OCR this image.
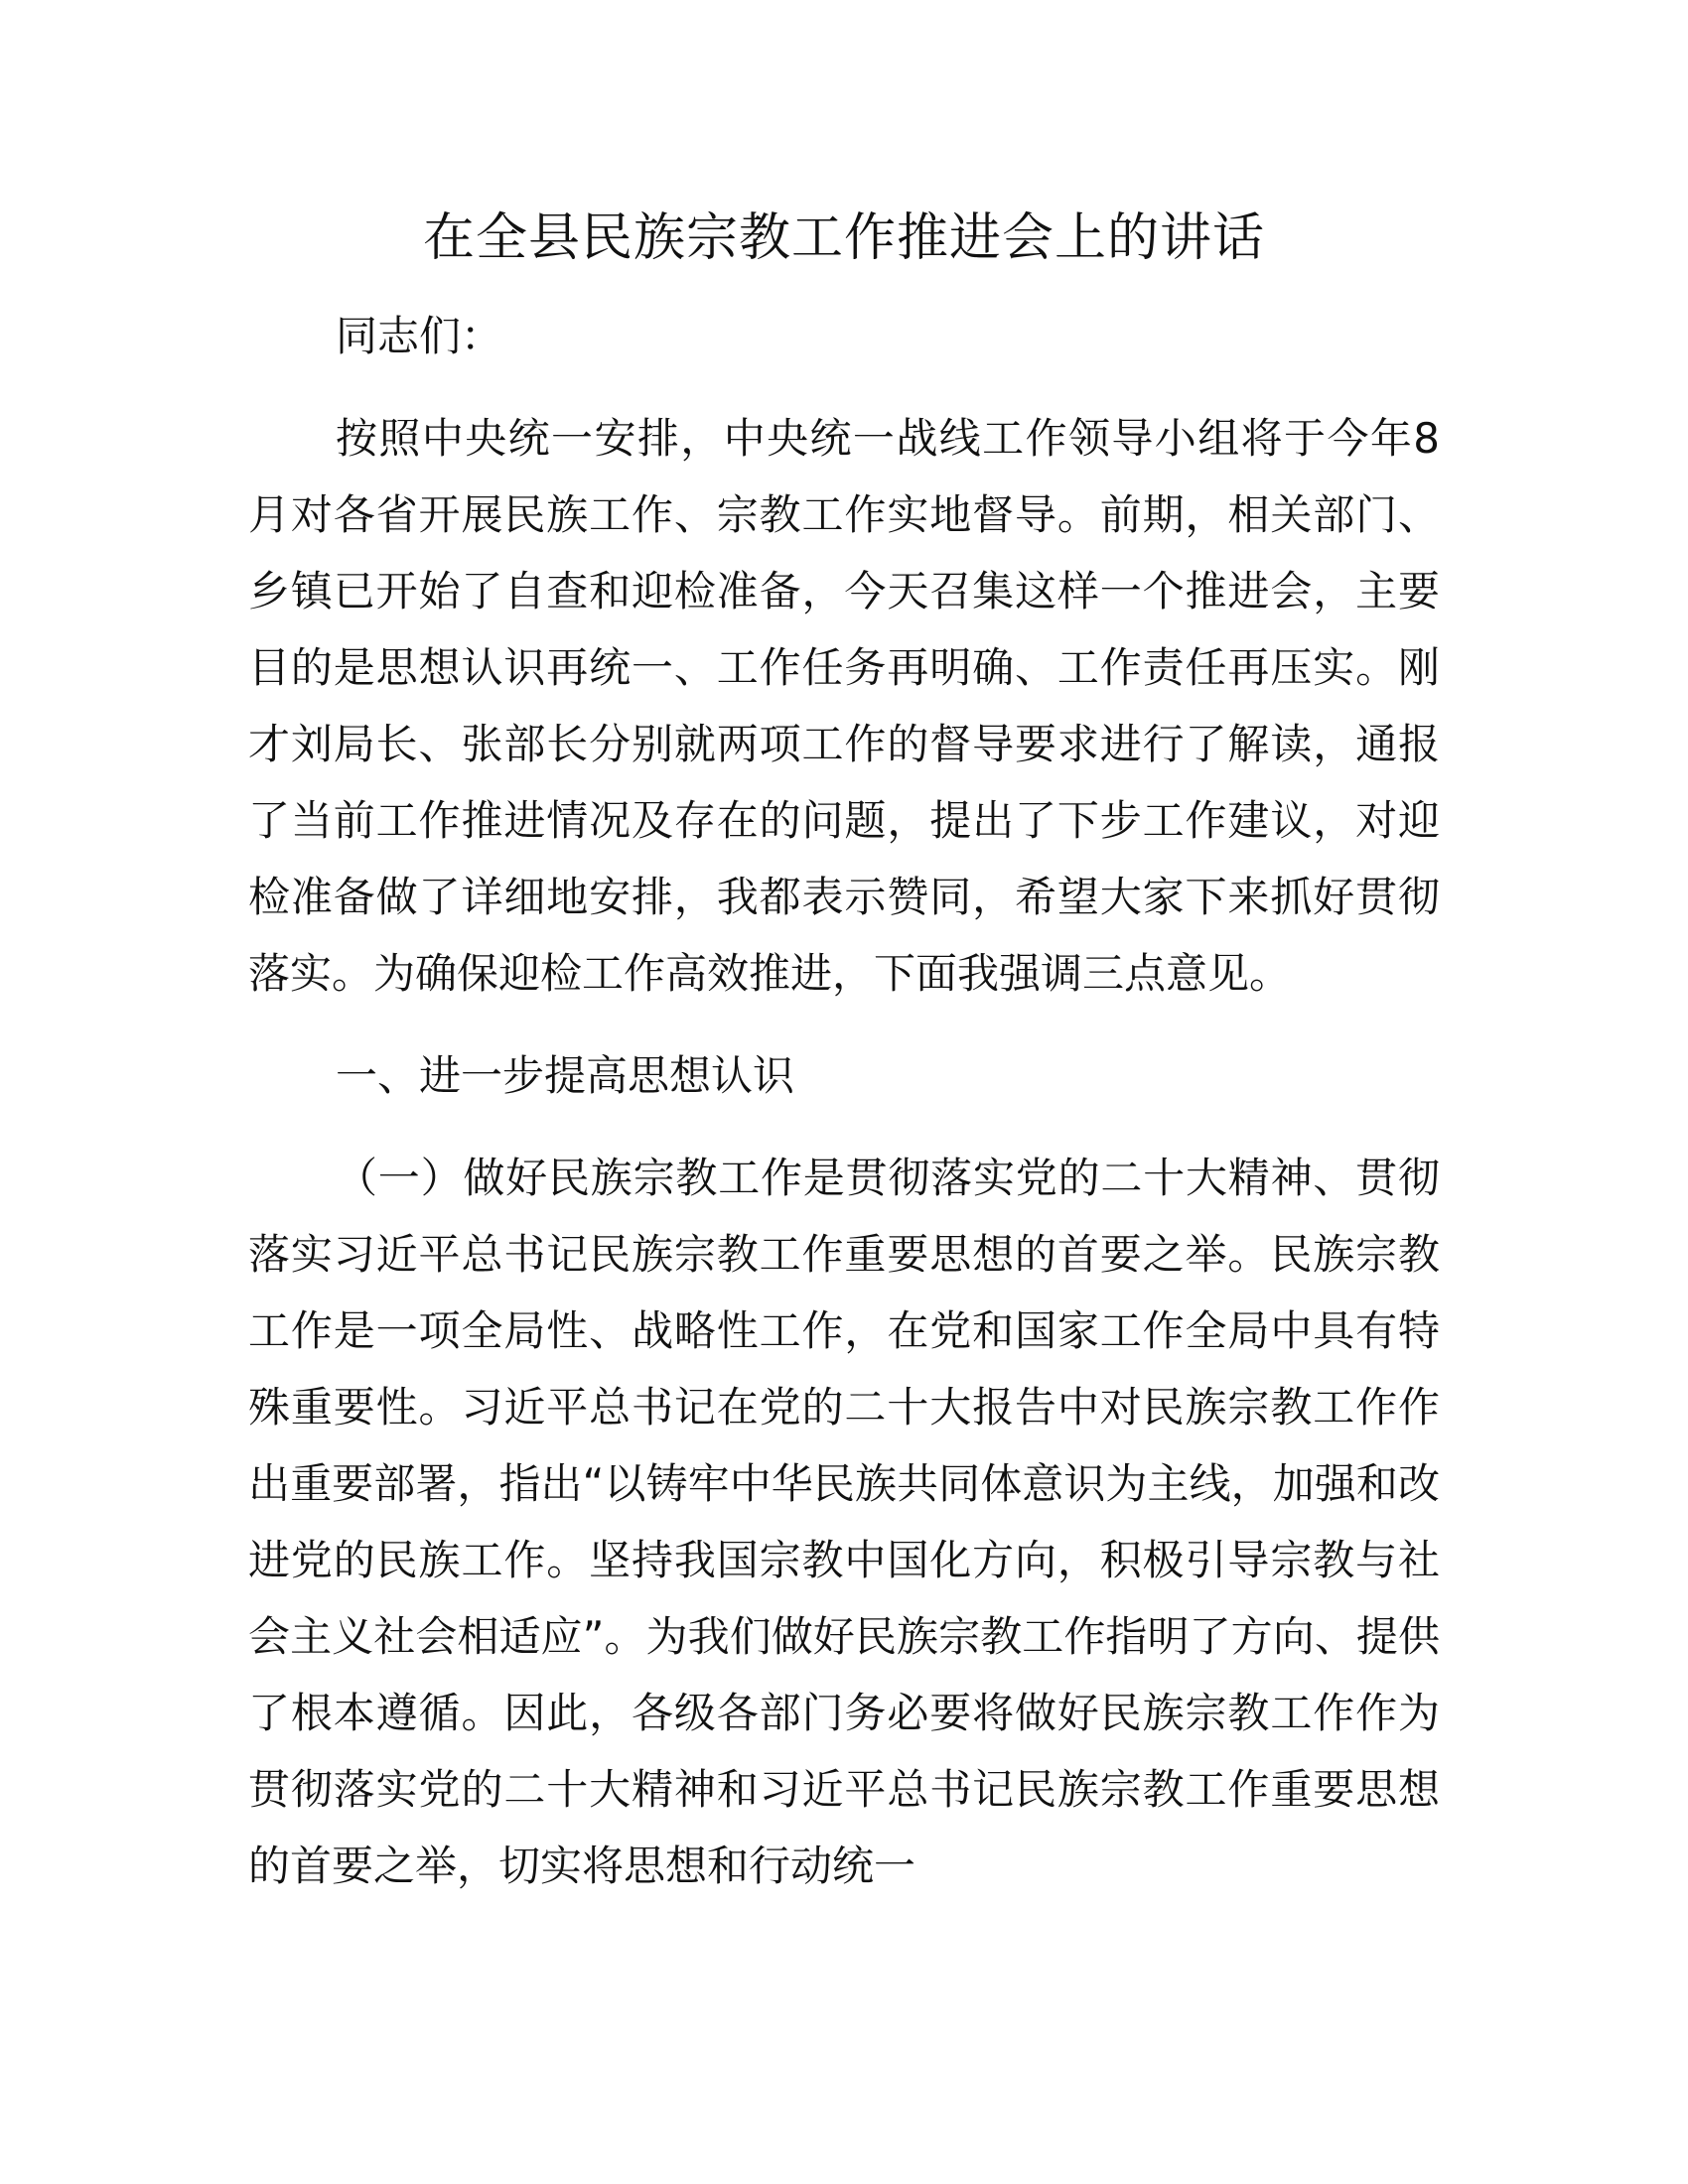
在全县民族宗教工作推进会上的讲话

同志们：

按照中央统一安排，中央统一战线工作领导小组将于今年8月对各省开展民族工作、宗教工作实地督导。前期，相关部门、乡镇已开始了自查和迎检准备，今天召集这样一个推进会，主要目的是思想认识再统一、工作任务再明确、工作责任再压实。刚才刘局长、张部长分别就两项工作的督导要求进行了解读，通报了当前工作推进情况及存在的问题，提出了下步工作建议，对迎检准备做了详细地安排，我都表示赞同，希望大家下来抓好贯彻落实。为确保迎检工作高效推进，下面我强调三点意见。

一、进一步提高思想认识

（一）做好民族宗教工作是贯彻落实党的二十大精神、贯彻落实习近平总书记民族宗教工作重要思想的首要之举。民族宗教工作是一项全局性、战略性工作，在党和国家工作全局中具有特殊重要性。习近平总书记在党的二十大报告中对民族宗教工作作出重要部署，指出“以铸牢中华民族共同体意识为主线，加强和改进党的民族工作。坚持我国宗教中国化方向，积极引导宗教与社会主义社会相适应”。为我们做好民族宗教工作指明了方向、提供了根本遵循。因此，各级各部门务必要将做好民族宗教工作作为贯彻落实党的二十大精神和习近平总书记民族宗教工作重要思想的首要之举，切实将思想和行动统一
